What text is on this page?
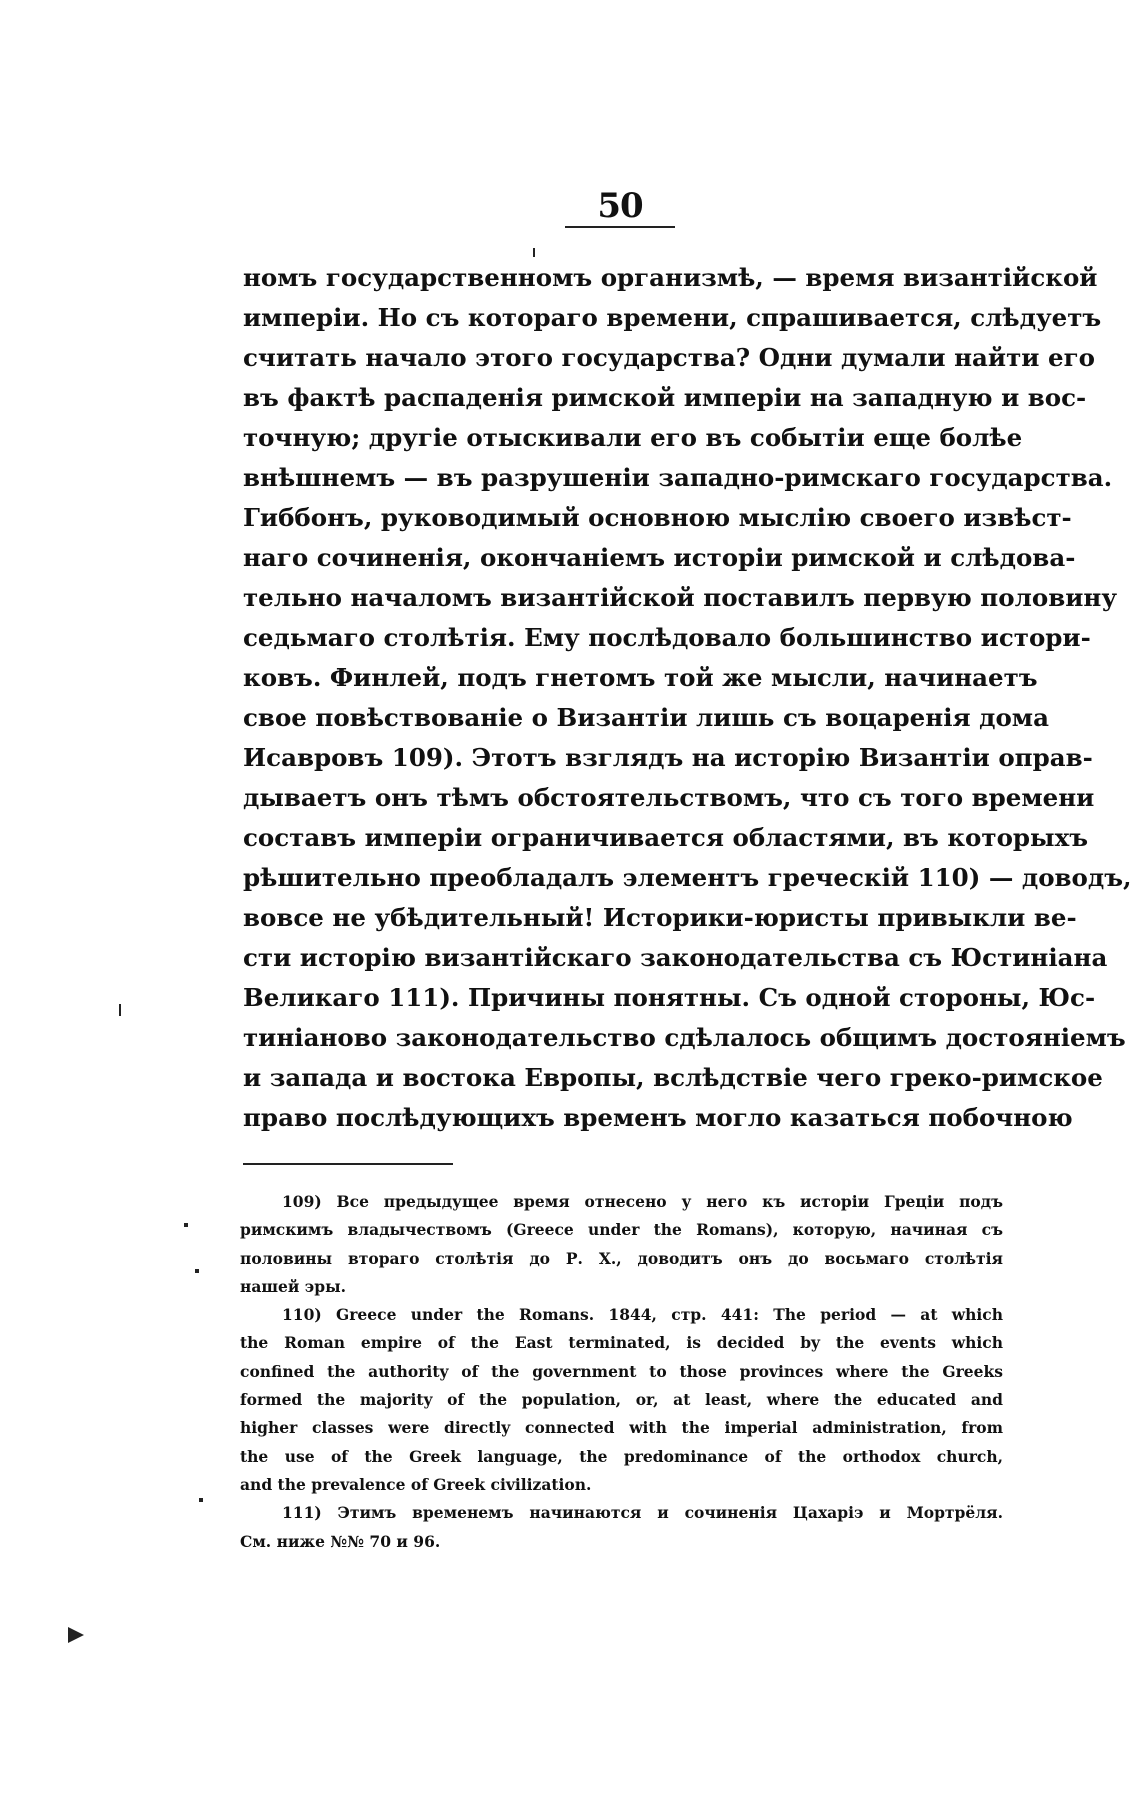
50
номъ государственномъ организмѣ, — время византійской
имперіи. Но съ котораго времени, спрашивается, слѣдуетъ
считать начало этого государства? Одни думали найти его
въ фактѣ распаденія римской имперіи на западную и вос-
точную; другіе отыскивали его въ событіи еще болѣе
внѣшнемъ — въ разрушеніи западно-римскаго государства.
Гиббонъ, руководимый основною мыслію своего извѣст-
наго сочиненія, окончаніемъ исторіи римской и слѣдова-
тельно началомъ византійской поставилъ первую половину
седьмаго столѣтія. Ему послѣдовало большинство истори-
ковъ. Финлей, подъ гнетомъ той же мысли, начинаетъ
свое повѣствованіе о Византіи лишь съ воцаренія дома
Исавровъ 109). Этотъ взглядъ на исторію Византіи оправ-
дываетъ онъ тѣмъ обстоятельствомъ, что съ того времени
составъ имперіи ограничивается областями, въ которыхъ
рѣшительно преобладалъ элементъ греческій 110) — доводъ,
вовсе не убѣдительный! Историки-юристы привыкли ве-
сти исторію византійскаго законодательства съ Юстиніана
Великаго 111). Причины понятны. Съ одной стороны, Юс-
тиніаново законодательство сдѣлалось общимъ достояніемъ
и запада и востока Европы, вслѣдствіе чего греко-римское
право послѣдующихъ временъ могло казаться побочною
109) Все предыдущее время отнесено у него къ исторіи Греціи подъ
римскимъ владычествомъ (Greece under the Romans), которую, начиная съ
половины втораго столѣтія до Р. Х., доводитъ онъ до восьмаго столѣтія
нашей эры.
110) Greece under the Romans. 1844, стр. 441: The period — at which
the Roman empire of the East terminated, is decided by the events which
confined the authority of the government to those provinces where the Greeks
formed the majority of the population, or, at least, where the educated and
higher classes were directly connected with the imperial administration, from
the use of the Greek language, the predominance of the orthodox church,
and the prevalence of Greek civilization.
111) Этимъ временемъ начинаются и сочиненія Цахаріэ и Мортрёля.
См. ниже №№ 70 и 96.
